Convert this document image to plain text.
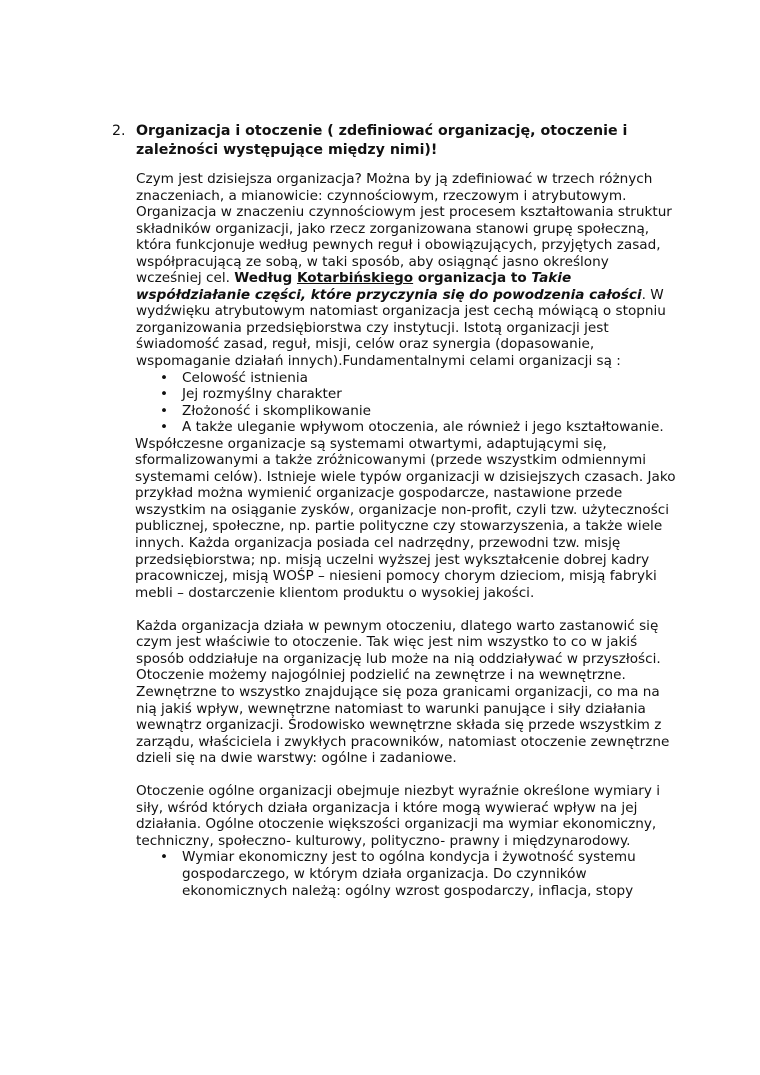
2. Organizacja i otoczenie ( zdefiniować organizację, otoczenie i zależności występujące między nimi)!

Czym jest dzisiejsza organizacja? Można by ją zdefiniować w trzech różnych znaczeniach, a mianowicie: czynnościowym, rzeczowym i atrybutowym. Organizacja w znaczeniu czynnościowym jest procesem kształtowania struktur składników organizacji, jako rzecz zorganizowana stanowi grupę społeczną, która funkcjonuje według pewnych reguł i obowiązujących, przyjętych zasad, współpracującą ze sobą, w taki sposób, aby osiągnąć jasno określony wcześniej cel. Według Kotarbińskiego organizacja to Takie współdziałanie części, które przyczynia się do powodzenia całości. W wydźwięku atrybutowym natomiast organizacja jest cechą mówiącą o stopniu zorganizowania przedsiębiorstwa czy instytucji. Istotą organizacji jest świadomość zasad, reguł, misji, celów oraz synergia (dopasowanie, wspomaganie działań innych).Fundamentalnymi celami organizacji są :

• Celowość istnienia
• Jej rozmyślny charakter
• Złożoność i skomplikowanie
• A także uleganie wpływom otoczenia, ale również i jego kształtowanie.

Współczesne organizacje są systemami otwartymi, adaptującymi się, sformalizowanymi a także zróżnicowanymi (przede wszystkim odmiennymi systemami celów). Istnieje wiele typów organizacji w dzisiejszych czasach. Jako przykład można wymienić organizacje gospodarcze, nastawione przede wszystkim na osiąganie zysków, organizacje non-profit, czyli tzw. użyteczności publicznej, społeczne, np. partie polityczne czy stowarzyszenia, a także wiele innych. Każda organizacja posiada cel nadrzędny, przewodni tzw. misję przedsiębiorstwa; np. misją uczelni wyższej jest wykształcenie dobrej kadry pracowniczej, misją WOŚP – niesieni pomocy chorym dzieciom, misją fabryki mebli – dostarczenie klientom produktu o wysokiej jakości.

Każda organizacja działa w pewnym otoczeniu, dlatego warto zastanowić się czym jest właściwie to otoczenie. Tak więc jest nim wszystko to co w jakiś sposób oddziałuje na organizację lub może na nią oddziaływać w przyszłości. Otoczenie możemy najogólniej podzielić na zewnętrze i na wewnętrzne. Zewnętrzne to wszystko znajdujące się poza granicami organizacji, co ma na nią jakiś wpływ, wewnętrzne natomiast to warunki panujące i siły działania wewnątrz organizacji. Środowisko wewnętrzne składa się przede wszystkim z zarządu, właściciela i zwykłych pracowników, natomiast otoczenie zewnętrzne dzieli się na dwie warstwy: ogólne i zadaniowe.

Otoczenie ogólne organizacji obejmuje niezbyt wyraźnie określone wymiary i siły, wśród których działa organizacja i które mogą wywierać wpływ na jej działania. Ogólne otoczenie większości organizacji ma wymiar ekonomiczny, techniczny, społeczno- kulturowy, polityczno- prawny i międzynarodowy.

• Wymiar ekonomiczny jest to ogólna kondycja i żywotność systemu gospodarczego, w którym działa organizacja. Do czynników ekonomicznych należą: ogólny wzrost gospodarczy, inflacja, stopy
